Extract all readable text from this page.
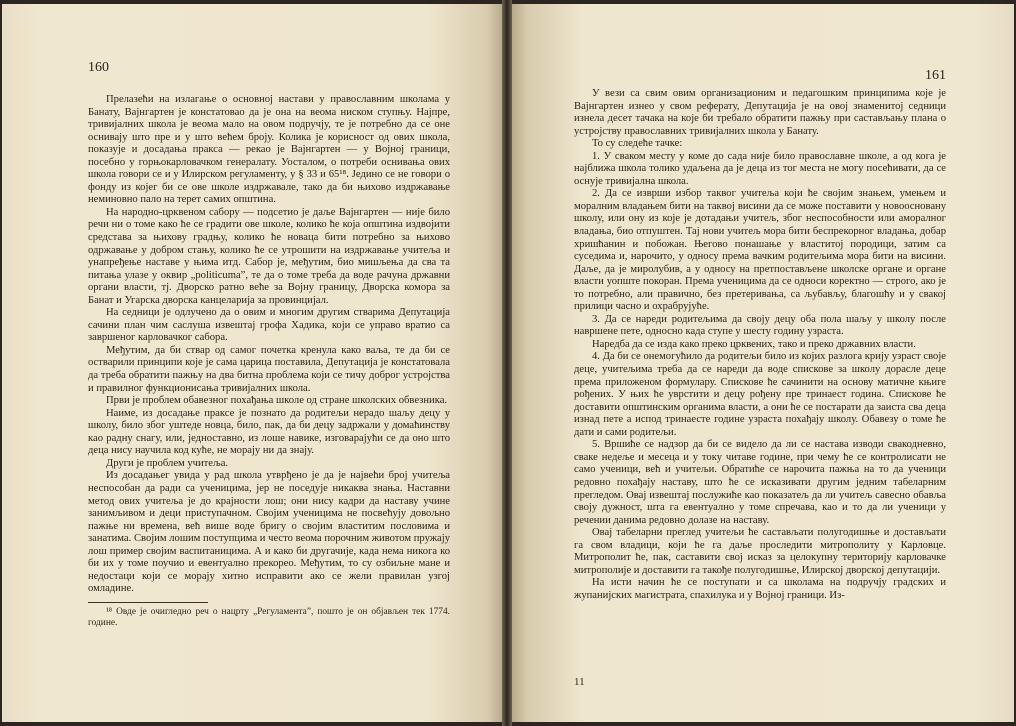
160

Прелазећи на излагање о основној настави у православним школама у Банату, Вајнгартен је констатовао да је она на веома ниском ступњу. Најпре, тривијалних школа је веома мало на овом подручју, те је потребно да се оне оснивају што пре и у што већем броју. Колика је корисност од ових школа, показује и досадања пракса — рекао је Вајнгартен — у Војној граници, посебно у горњокарловачком генералату. Уосталом, о потреби оснивања ових школа говори се и у Илирском регуламенту, у § 33 и 65¹⁸. Једино се не говори о фонду из којег би се ове школе издржавале, тако да би њихово издржавање неминовно пало на терет самих општина.

На народно-црквеном сабору — подсетио је даље Вајнгартен — није било речи ни о томе како ће се градити ове школе, колико ће која општина издвојити средстава за њихову градњу, колико ће новаца бити потребно за њихово одржавање у добром стању, колико ће се утрошити на издржавање учитеља и унапређење наставе у њима итд. Сабор је, међутим, био мишљења да сва та питања улазе у оквир „politicuma”, те да о томе треба да воде рачуна државни органи власти, тј. Дворско ратно веће за Војну границу, Дворска комора за Банат и Угарска дворска канцеларија за провинцијал.

На седници је одлучено да о овим и многим другим стварима Депутација сачини план чим саслуша извештај грофа Хадика, који се управо вратио са завршеног карловачког сабора.

Међутим, да би ствар од самог почетка кренула како ваља, те да би се остварили принципи које је сама царица поставила, Депутација је констатовала да треба обратити пажњу на два битна проблема који се тичу доброг устројства и правилног функционисања тривијалних школа.

Први је проблем обавезног похађања школе од стране школских обвезника.

Наиме, из досадање праксе је познато да родитељи нерадо шаљу децу у школу, било због уштеде новца, било, пак, да би децу задржали у домаћинству као радну снагу, или, једноставно, из лоше навике, изговарајући се да оно што деца нису научила код куће, не морају ни да знају.

Други је проблем учитеља.

Из досадањег увида у рад школа утврђено је да је највећи број учитеља неспособан да ради са ученицима, јер не поседује никаква знања. Наставни метод ових учитеља је до крајности лош; они нису кадри да наставу учине занимљивом и деци приступачном. Својим ученицима не посвећују довољно пажње ни времена, већ више воде бригу о својим властитим пословима и занатима. Својим лошим поступцима и често веома порочним животом пружају лош пример својим васпитаницима. А и како би другачије, када нема никога ко би их у томе поучио и евентуално прекорео. Међутим, то су озбиљне мане и недостаци који се морају хитно исправити ако се жели правилан узгој омладине.

¹⁸ Овде је очигледно реч о нацрту „Регуламента”, пошто је он објављен тек 1774. године.

161

У вези са свим овим организационим и педагошким принципима које је Вајнгартен изнео у свом реферату, Депутација је на овој знаменитој седници изнела десет тачака на које би требало обратити пажњу при састављању плана о устројству православних тривијалних школа у Банату.

То су следеће тачке:

1. У сваком месту у коме до сада није било православне школе, а од кога је најближа школа толико удаљена да је деца из тог места не могу посећивати, да се оснује тривијална школа.

2. Да се изврши избор таквог учитеља који ће својим знањем, умењем и моралним владањем бити на таквој висини да се може поставити у новоосновану школу, или ону из које је дотадањи учитељ, због неспособности или аморалног владања, био отпуштен. Тај нови учитељ мора бити беспрекорног владања, добар хришћанин и побожан. Његово понашање у властитој породици, затим са суседима и, нарочито, у односу према вачким родитељима мора бити на висини. Даље, да је миролубив, а у односу на претпостављене школске органе и органе власти уопште покоран. Према ученицима да се односи коректно — строго, ако је то потребно, али правично, без претеривања, са љубављу, благошћу и у свакој прилици часно и охрабрујуће.

3. Да се нареди родитељима да своју децу оба пола шаљу у школу после навршене пете, односно када ступе у шесту годину узраста.

Наредба да се изда како преко црквених, тако и преко државних власти.

4. Да би се онемогућило да родитељи било из којих разлога крију узраст своје деце, учитељима треба да се нареди да воде спискове за школу дорасле деце према приложеном формулару. Спискове ће сачинити на основу матичне књиге рођених. У њих ће уврстити и децу рођену пре тринаест година. Спискове ће доставити општинским органима власти, а они ће се постарати да заиста сва деца изнад пете а испод тринаесте године узраста похађају школу. Обавезу о томе ће дати и сами родитељи.

5. Вршиће се надзор да би се видело да ли се настава изводи свакодневно, сваке недеље и месеца и у току читаве године, при чему ће се контролисати не само ученици, већ и учитељи. Обратиће се нарочита пажња на то да ученици редовно похађају наставу, што ће се исказивати другим једним табеларним прегледом. Овај извештај послужиће као показатељ да ли учитељ савесно обавља своју дужност, шта га евентуално у томе спречава, као и то да ли ученици у речении данима редовно долазе на наставу.

Овај табеларни преглед учитељи ће састављати полугодишње и достављати га свом владици, који ће га даље проследити митрополиту у Карловце. Митрополит ће, пак, саставити свој исказ за целокупну територију карловачке митрополије и доставити га такође полугодишње, Илирској дворској депутацији.

На исти начин ће се поступати и са школама на подручју градских и жупанијских магистрата, спахилука и у Војној граници. Из-

11
